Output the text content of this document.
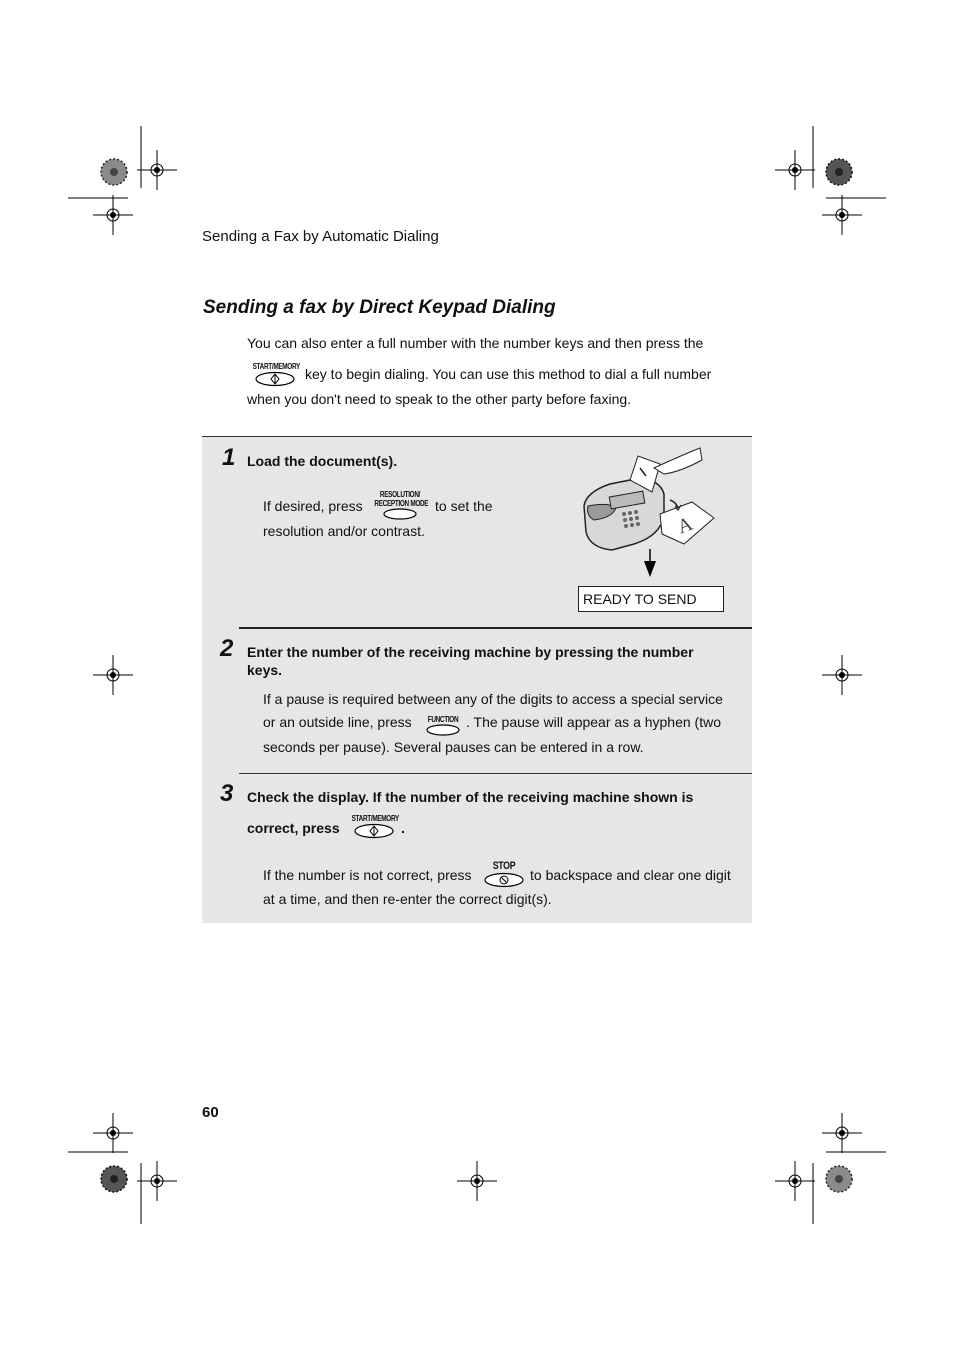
Sending a Fax by Automatic Dialing
Sending a fax by Direct Keypad Dialing
You can also enter a full number with the number keys and then press the
START/MEMORY key to begin dialing. You can use this method to dial a full number
when you don't need to speak to the other party before faxing.
1 Load the document(s).
If desired, press
RESOLUTION/
RECEPTION MODE to set the
resolution and/or contrast.	A
READY TO SEND
2 Enter the number of the receiving machine by pressing the number
keys.
If a pause is required between any of the digits to access a special service
or an outside line, press	FUNCTION . The pause will appear as a hyphen (two
seconds per pause). Several pauses can be entered in a row.
3 Check the display. If the number of the receiving machine shown is
correct, press
START/MEMORY
.
If the number is not correct, press
STOP
to backspace and clear one digit
at a time, and then re-enter the correct digit(s).
60
